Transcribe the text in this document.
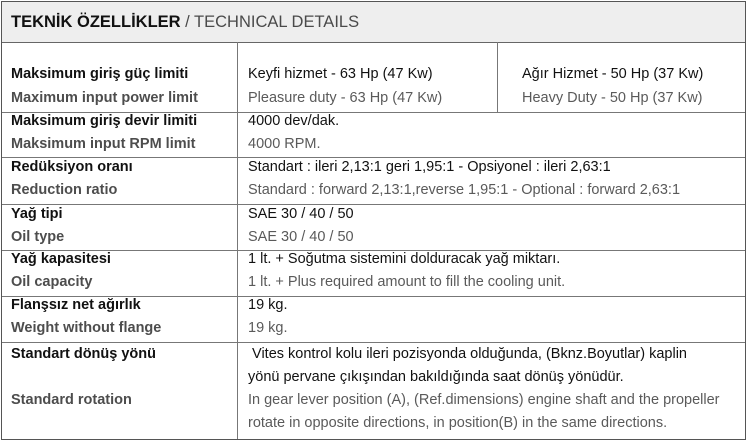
TEKNİK ÖZELLİKLER / TECHNICAL DETAILS
Maksimum giriş güç limiti
Maximum input power limit
Keyfi hizmet - 63 Hp (47 Kw)
Pleasure duty - 63 Hp (47 Kw)
Ağır Hizmet - 50 Hp (37 Kw)
Heavy Duty - 50 Hp (37 Kw)
Maksimum giriş devir limiti
Maksimum input RPM limit
4000 dev/dak.
4000 RPM.
Redüksiyon oranı
Reduction ratio
Standart : ileri 2,13:1 geri 1,95:1 - Opsiyonel : ileri 2,63:1
Standard : forward 2,13:1,reverse 1,95:1 - Optional : forward 2,63:1
Yağ tipi
Oil type
SAE 30 / 40 / 50
SAE 30 / 40 / 50
Yağ kapasitesi
Oil capacity
1 lt. + Soğutma sistemini dolduracak yağ miktarı.
1 lt. + Plus required amount to fill the cooling unit.
Flanşsız net ağırlık
Weight without flange
19 kg.
19 kg.
Standart dönüş yönü
Standard rotation
Vites kontrol kolu ileri pozisyonda olduğunda, (Bknz.Boyutlar) kaplin
yönü pervane çıkışından bakıldığında saat dönüş yönüdür.
In gear lever position (A), (Ref.dimensions) engine shaft and the propeller
rotate in opposite directions, in position(B) in the same directions.
